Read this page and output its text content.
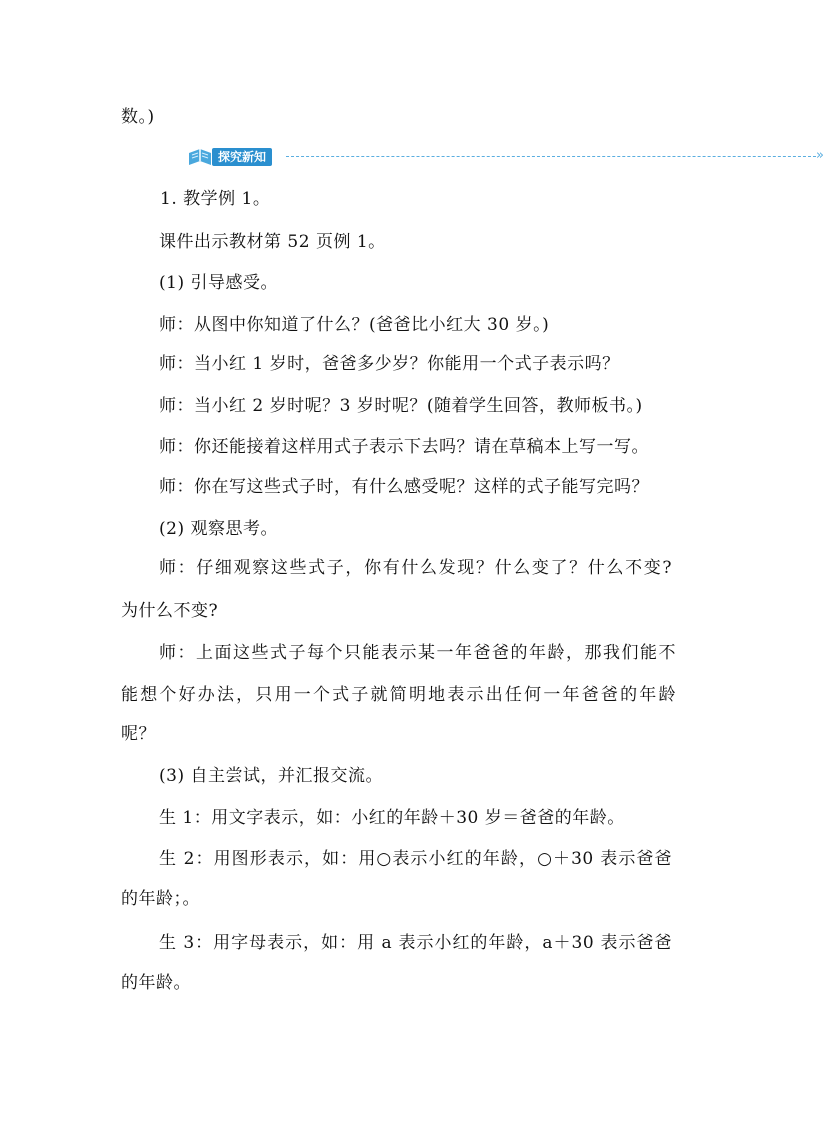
数。)
探究新知	»
1. 教学例 1。
课件出示教材第 52 页例 1。
(1) 引导感受。
师：从图中你知道了什么？(爸爸比小红大 30 岁。)
师：当小红 1 岁时，爸爸多少岁？你能用一个式子表示吗？
师：当小红 2 岁时呢？3 岁时呢？(随着学生回答，教师板书。)
师：你还能接着这样用式子表示下去吗？请在草稿本上写一写。
师：你在写这些式子时，有什么感受呢？这样的式子能写完吗？
(2) 观察思考。
师：仔细观察这些式子，你有什么发现？什么变了？什么不变?
为什么不变?
师：上面这些式子每个只能表示某一年爸爸的年龄，那我们能不
能想个好办法，只用一个式子就简明地表示出任何一年爸爸的年龄
呢？
(3) 自主尝试，并汇报交流。
生 1：用文字表示，如：小红的年龄＋30 岁＝爸爸的年龄。
生 2：用图形表示，如：用○表示小红的年龄，○＋30 表示爸爸
的年龄；。
生 3：用字母表示，如：用 a 表示小红的年龄，a＋30 表示爸爸
的年龄。
